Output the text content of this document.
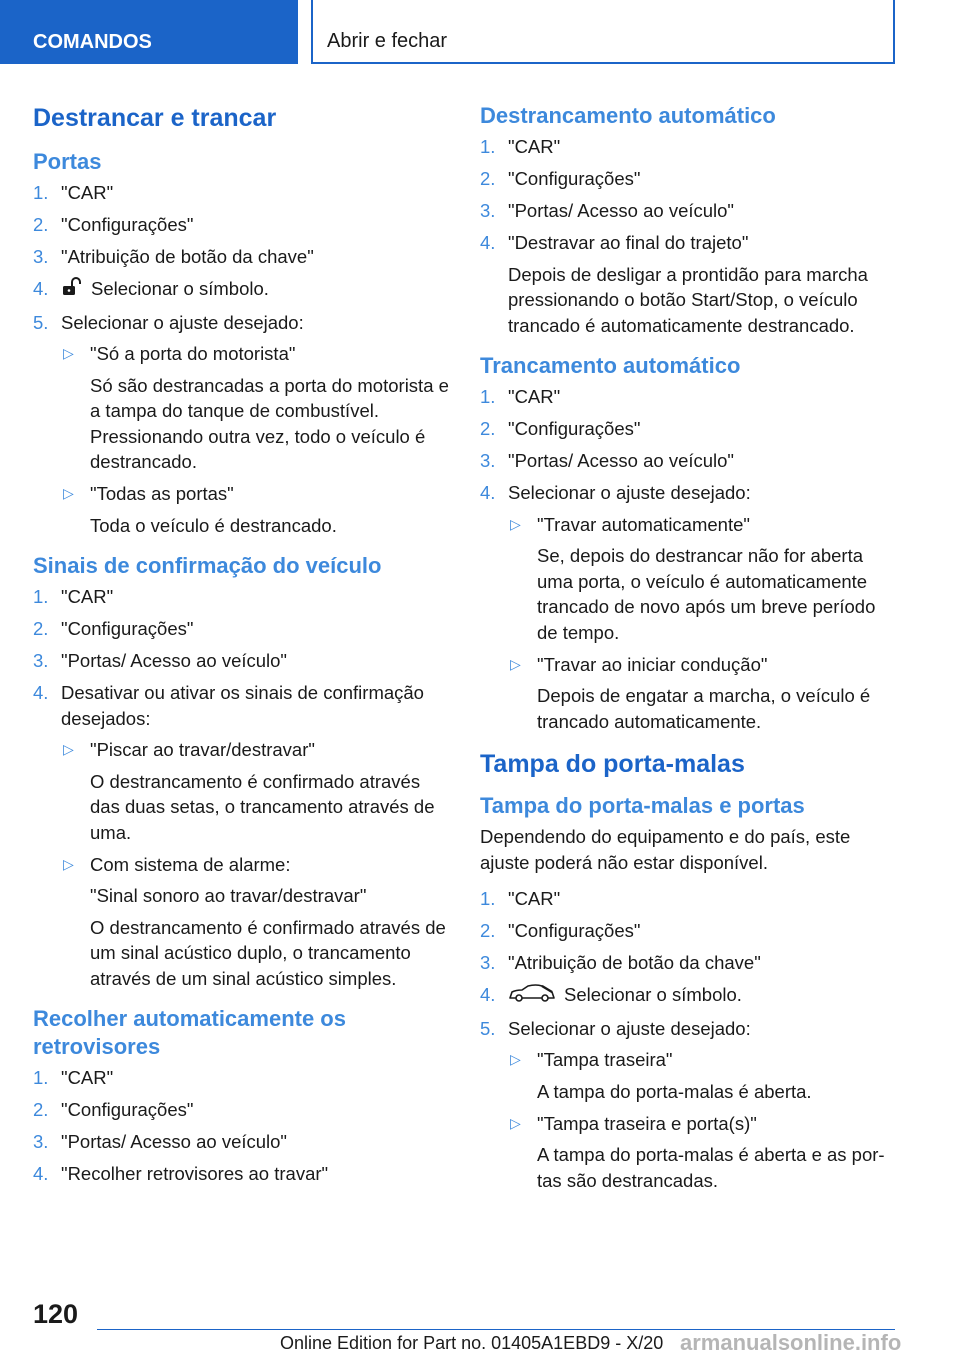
COMANDOS	Abrir e fechar
Destrancar e trancar
Portas
1. "CAR"
2. "Configurações"
3. "Atribuição de botão da chave"
4. Selecionar o símbolo.
5. Selecionar o ajuste desejado:
▷ "Só a porta do motorista"
Só são destrancadas a porta do motorista e a tampa do tanque de combustível. Pressionando outra vez, todo o veículo é destrancado.
▷ "Todas as portas"
Toda o veículo é destrancado.
Sinais de confirmação do veículo
1. "CAR"
2. "Configurações"
3. "Portas/ Acesso ao veículo"
4. Desativar ou ativar os sinais de confirmação desejados:
▷ "Piscar ao travar/destravar"
O destrancamento é confirmado através das duas setas, o trancamento através de uma.
▷ Com sistema de alarme:
"Sinal sonoro ao travar/destravar"
O destrancamento é confirmado através de um sinal acústico duplo, o trancamento através de um sinal acústico simples.
Recolher automaticamente os retrovisores
1. "CAR"
2. "Configurações"
3. "Portas/ Acesso ao veículo"
4. "Recolher retrovisores ao travar"
Destrancamento automático
1. "CAR"
2. "Configurações"
3. "Portas/ Acesso ao veículo"
4. "Destravar ao final do trajeto"
Depois de desligar a prontidão para marcha pressionando o botão Start/Stop, o veículo trancado é automaticamente destrancado.
Trancamento automático
1. "CAR"
2. "Configurações"
3. "Portas/ Acesso ao veículo"
4. Selecionar o ajuste desejado:
▷ "Travar automaticamente"
Se, depois do destrancar não for aberta uma porta, o veículo é automaticamente trancado de novo após um breve período de tempo.
▷ "Travar ao iniciar condução"
Depois de engatar a marcha, o veículo é trancado automaticamente.
Tampa do porta-malas
Tampa do porta-malas e portas
Dependendo do equipamento e do país, este ajuste poderá não estar disponível.
1. "CAR"
2. "Configurações"
3. "Atribuição de botão da chave"
4.	Selecionar o símbolo.
5. Selecionar o ajuste desejado:
▷ "Tampa traseira"
A tampa do porta-malas é aberta.
▷ "Tampa traseira e porta(s)"
A tampa do porta-malas é aberta e as por-tas são destrancadas.
120
Online Edition for Part no. 01405A1EBD9 - X/20 armanualsonline.info
